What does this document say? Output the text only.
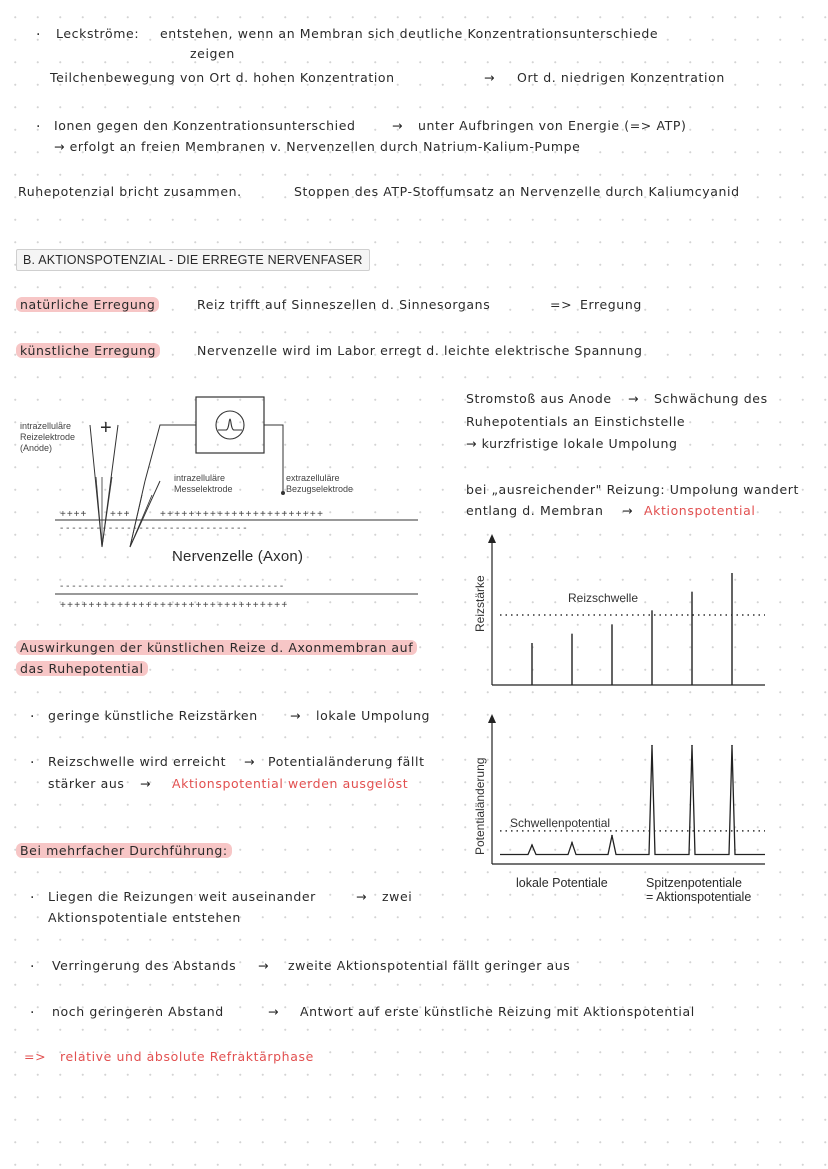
· Leckströme: entstehen, wenn an Membran sich deutliche Konzentrationsunterschiede
zeigen
Teilchenbewegung von Ort d. hohen Konzentration	→ Ort d. niedrigen Konzentration
· Ionen gegen den Konzentrationsunterschied	→ unter Aufbringen von Energie (=> ATP)
→ erfolgt an freien Membranen v. Nervenzellen durch Natrium-Kalium-Pumpe
Ruhepotenzial bricht zusammen.	Stoppen des ATP-Stoffumsatz an Nervenzelle durch Kaliumcyanid
B. AKTIONSPOTENZIAL - DIE ERREGTE NERVENFASER
natürliche Erregung	Reiz trifft auf Sinneszellen d. Sinnesorgans	=> Erregung
künstliche Erregung	Nervenzelle wird im Labor erregt d. leichte elektrische Spannung
intrazelluläre
Reizelektrode
(Anode)
+
intrazelluläre
Messelektrode
extrazelluläre
Bezugselektrode
++++ +++	+++++++++++++++++++++++
- - - - - - - - - - - - - - - - - - - - - - - - - - - - - - -
Nervenzelle (Axon)
- - - - - - - - - - - - - - - - - - - - - - - - - - - - - - - - - - - - -
++++++++++++++++++++++++++++++++
Stromstoß aus Anode → Schwächung des
Ruhepotentials an Einstichstelle
→ kurzfristige lokale Umpolung
bei „ausreichender" Reizung: Umpolung wandert
entlang d. Membran → Aktionspotential
Reizstärke	Reizschwelle
Potentialänderung Schwellenpotential
lokale Potentiale	Spitzenpotentiale
= Aktionspotentiale
Auswirkungen der künstlichen Reize d. Axonmembran auf
das Ruhepotential
· geringe künstliche Reizstärken	→ lokale Umpolung
· Reizschwelle wird erreicht → Potentialänderung fällt
stärker aus → Aktionspotential werden ausgelöst
Bei mehrfacher Durchführung:
· Liegen die Reizungen weit auseinander	→ zwei
Aktionspotentiale entstehen
· Verringerung des Abstands → zweite Aktionspotential fällt geringer aus
· noch geringeren Abstand	→ Antwort auf erste künstliche Reizung mit Aktionspotential
=> relative und absolute Refraktärphase
